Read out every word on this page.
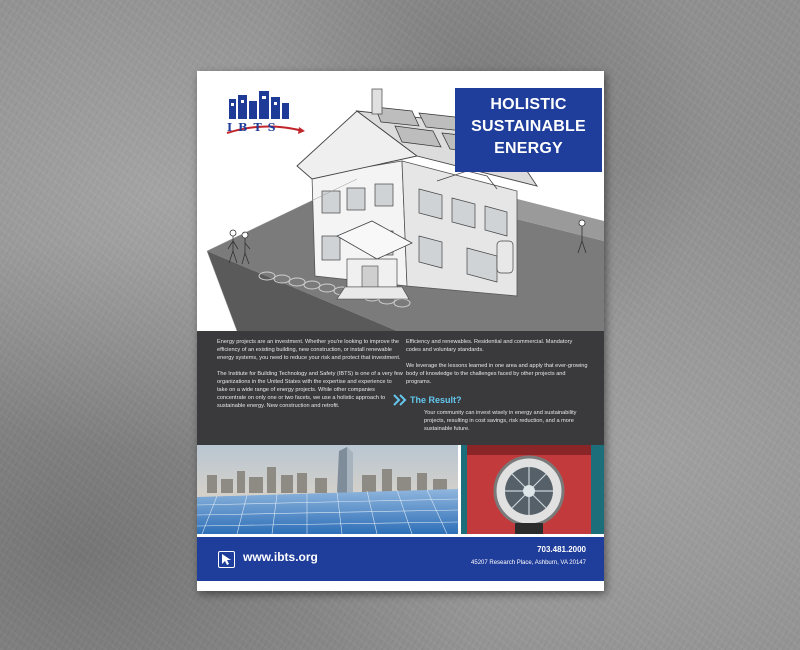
IBTS
HOLISTIC
SUSTAINABLE
ENERGY

Energy projects are an investment. Whether you're looking to improve the efficiency of an existing building, new construction, or install renewable energy systems, you need to reduce your risk and protect that investment.

The Institute for Building Technology and Safety (IBTS) is one of a very few organizations in the United States with the expertise and experience to take on a wide range of energy projects. While other companies concentrate on only one or two facets, we use a holistic approach to sustainable energy. New construction and retrofit.

Efficiency and renewables. Residential and commercial. Mandatory codes and voluntary standards.

We leverage the lessons learned in one area and apply that ever-growing body of knowledge to the challenges faced by other projects and programs.

The Result?

Your community can invest wisely in energy and sustainability projects, resulting in cost savings, risk reduction, and a more sustainable future.

www.ibts.org
703.481.2000
45207 Research Place, Ashburn, VA 20147
